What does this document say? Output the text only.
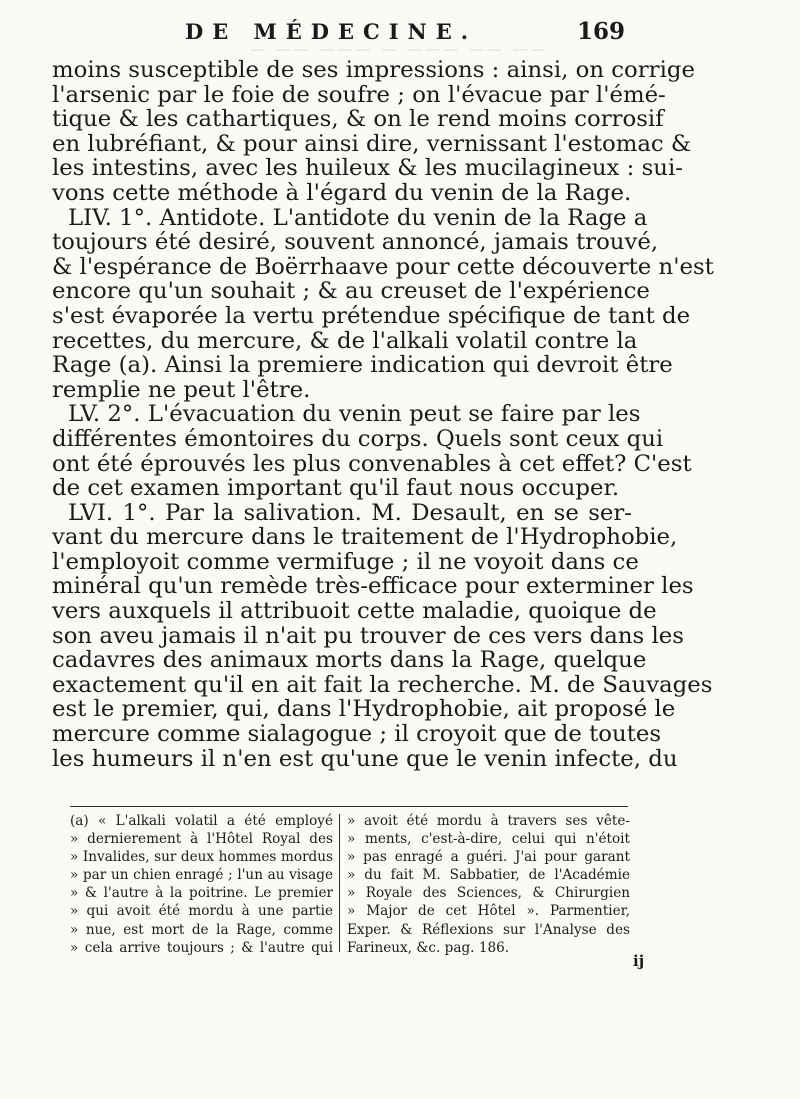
— —— ——— — ——— —— ——
DE MÉDECINE.	169
moins susceptible de ses impressions : ainsi, on corrige
l'arsenic par le foie de soufre ; on l'évacue par l'émé-
tique & les cathartiques, & on le rend moins corrosif
en lubréfiant, & pour ainsi dire, vernissant l'estomac &
les intestins, avec les huileux & les mucilagineux : sui-
vons cette méthode à l'égard du venin de la Rage.
LIV. 1°. Antidote. L'antidote du venin de la Rage a
toujours été desiré, souvent annoncé, jamais trouvé,
& l'espérance de Boërrhaave pour cette découverte n'est
encore qu'un souhait ; & au creuset de l'expérience
s'est évaporée la vertu prétendue spécifique de tant de
recettes, du mercure, & de l'alkali volatil contre la
Rage (a). Ainsi la premiere indication qui devroit être
remplie ne peut l'être.
LV. 2°. L'évacuation du venin peut se faire par les
différentes émontoires du corps. Quels sont ceux qui
ont été éprouvés les plus convenables à cet effet? C'est
de cet examen important qu'il faut nous occuper.
LVI. 1°. Par la salivation. M. Desault, en se ser-
vant du mercure dans le traitement de l'Hydrophobie,
l'employoit comme vermifuge ; il ne voyoit dans ce
minéral qu'un remède très-efficace pour exterminer les
vers auxquels il attribuoit cette maladie, quoique de
son aveu jamais il n'ait pu trouver de ces vers dans les
cadavres des animaux morts dans la Rage, quelque
exactement qu'il en ait fait la recherche. M. de Sauvages
est le premier, qui, dans l'Hydrophobie, ait proposé le
mercure comme sialagogue ; il croyoit que de toutes
les humeurs il n'en est qu'une que le venin infecte, du
(a) « L'alkali volatil a été employé
» dernierement à l'Hôtel Royal des
» Invalides, sur deux hommes mordus
» par un chien enragé ; l'un au visage
» & l'autre à la poitrine. Le premier
» qui avoit été mordu à une partie
» nue, est mort de la Rage, comme
» cela arrive toujours ; & l'autre qui
» avoit été mordu à travers ses vête-
» ments, c'est-à-dire, celui qui n'étoit
» pas enragé a guéri. J'ai pour garant
» du fait M. Sabbatier, de l'Académie
» Royale des Sciences, & Chirurgien
» Major de cet Hôtel ». Parmentier,
Exper. & Réflexions sur l'Analyse des
Farineux, &c. pag. 186.
ij
